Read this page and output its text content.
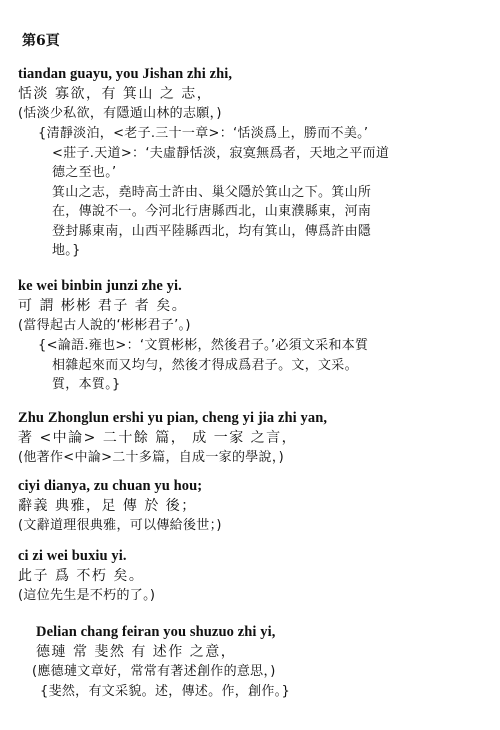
第6頁
tiandan guayu, you Jishan zhi zhi,
恬淡 寡欲，有 箕山 之 志，
(恬淡少私欲，有隱遁山林的志願，)
{清靜淡泊，<老子.三十一章>：‘恬淡爲上，勝而不美。’
<莊子.天道>：‘夫虛靜恬淡，寂寞無爲者，天地之平而道
德之至也。’
箕山之志，堯時高士許由、巢父隱於箕山之下。箕山所
在，傳說不一。今河北行唐縣西北，山東濮縣東，河南
登封縣東南，山西平陸縣西北，均有箕山，傳爲許由隱
地。}
ke wei binbin junzi zhe yi.
可 謂 彬彬 君子 者 矣。
(當得起古人說的‘彬彬君子’。)
{<論語.雍也>：‘文質彬彬，然後君子。’必須文采和本質
相雜起來而又均勻，然後才得成爲君子。文，文采。
質，本質。}
Zhu Zhonglun ershi yu pian, cheng yi jia zhi yan,
著 <中論> 二十餘 篇， 成 一家 之言，
(他著作<中論>二十多篇，自成一家的學說，)
ciyi dianya, zu chuan yu hou;
辭義 典雅，足 傳 於 後；
(文辭道理很典雅，可以傳給後世；)
ci zi wei buxiu yi.
此子 爲 不朽 矣。
(這位先生是不朽的了。)
Delian chang feiran you shuzuo zhi yi,
德璉 常 斐然 有 述作 之意，
(應德璉文章好，常常有著述創作的意思，)
{斐然，有文采貌。述，傳述。作，創作。}
